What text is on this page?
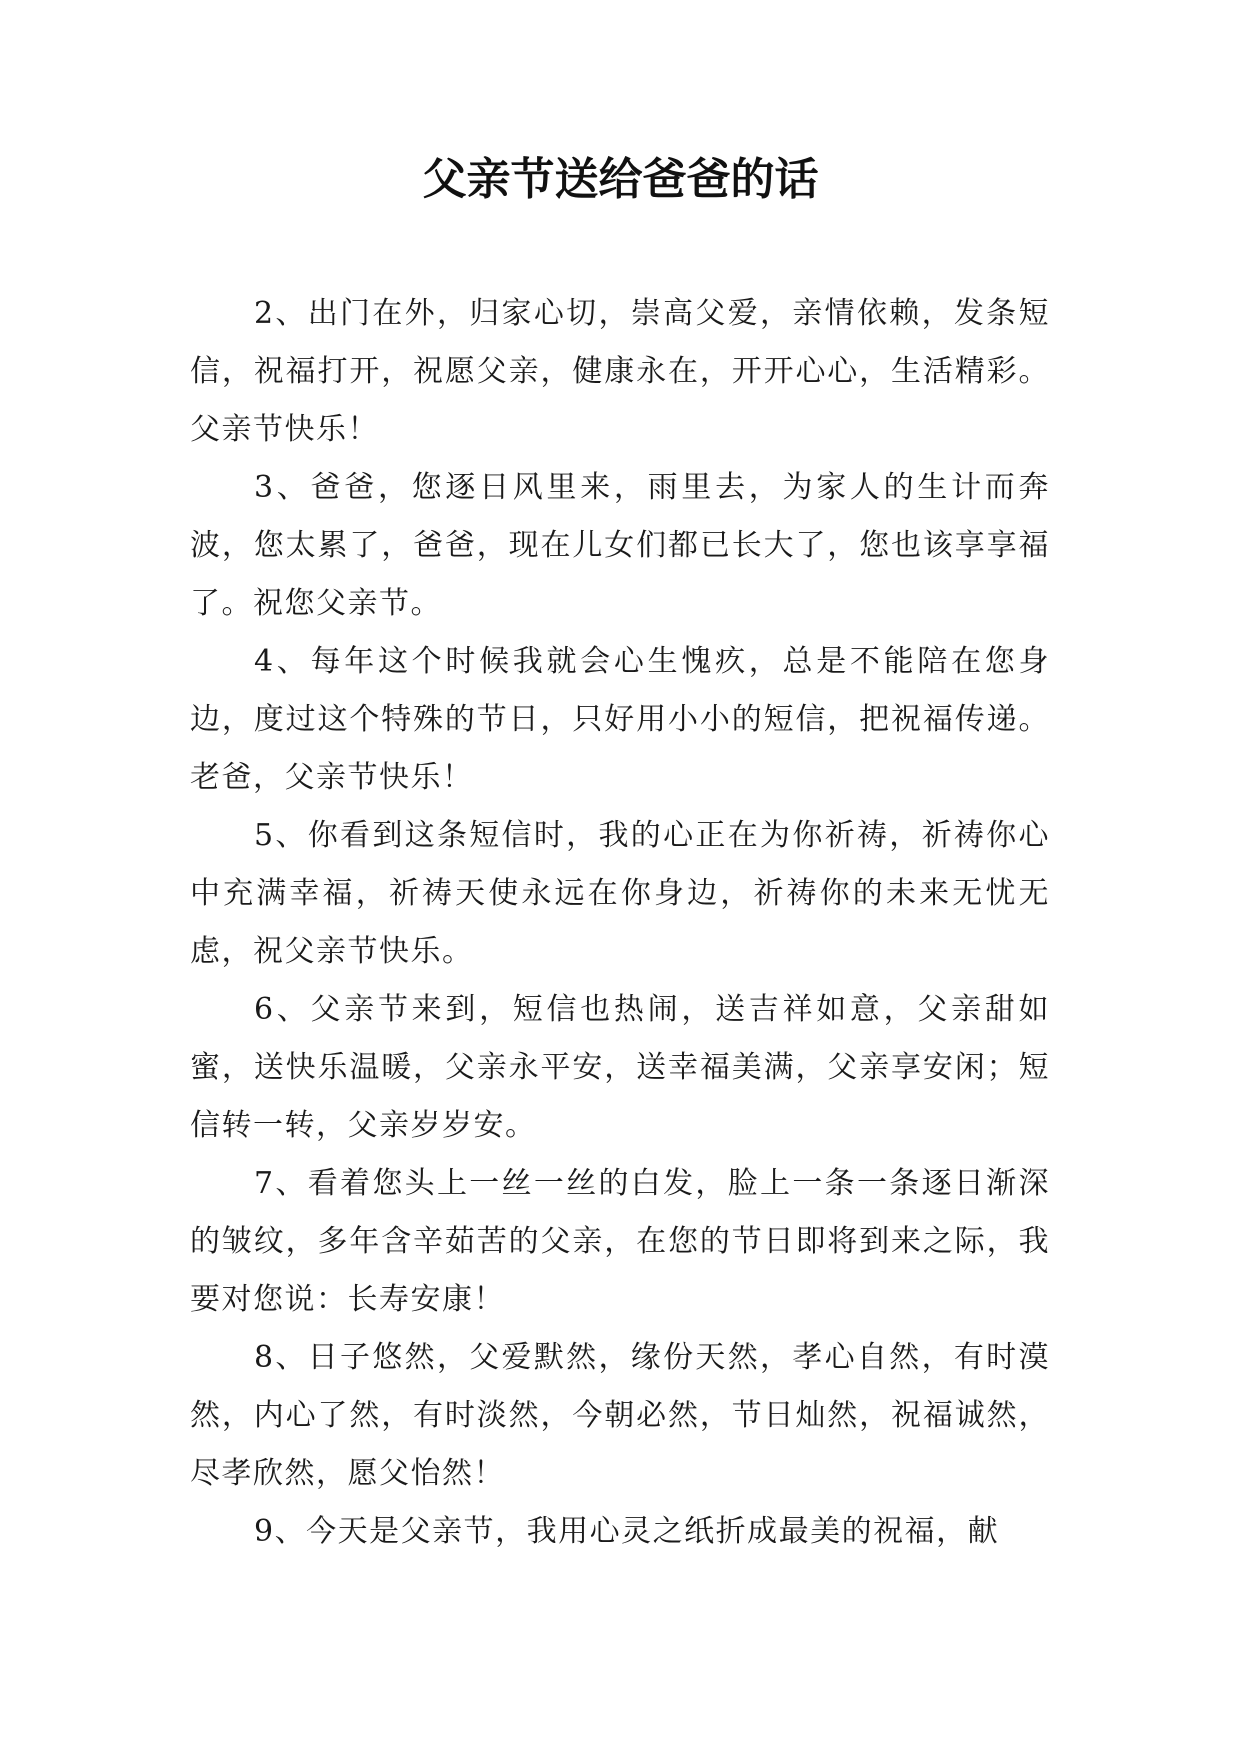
父亲节送给爸爸的话

2、出门在外，归家心切，崇高父爱，亲情依赖，发条短信，祝福打开，祝愿父亲，健康永在，开开心心，生活精彩。父亲节快乐！

3、爸爸，您逐日风里来，雨里去，为家人的生计而奔波，您太累了，爸爸，现在儿女们都已长大了，您也该享享福了。祝您父亲节。

4、每年这个时候我就会心生愧疚，总是不能陪在您身边，度过这个特殊的节日，只好用小小的短信，把祝福传递。老爸，父亲节快乐！

5、你看到这条短信时，我的心正在为你祈祷，祈祷你心中充满幸福，祈祷天使永远在你身边，祈祷你的未来无忧无虑，祝父亲节快乐。

6、父亲节来到，短信也热闹，送吉祥如意，父亲甜如蜜，送快乐温暖，父亲永平安，送幸福美满，父亲享安闲；短信转一转，父亲岁岁安。

7、看着您头上一丝一丝的白发，脸上一条一条逐日渐深的皱纹，多年含辛茹苦的父亲，在您的节日即将到来之际，我要对您说：长寿安康！

8、日子悠然，父爱默然，缘份天然，孝心自然，有时漠然，内心了然，有时淡然，今朝必然，节日灿然，祝福诚然，尽孝欣然，愿父怡然！

9、今天是父亲节，我用心灵之纸折成最美的祝福，献
